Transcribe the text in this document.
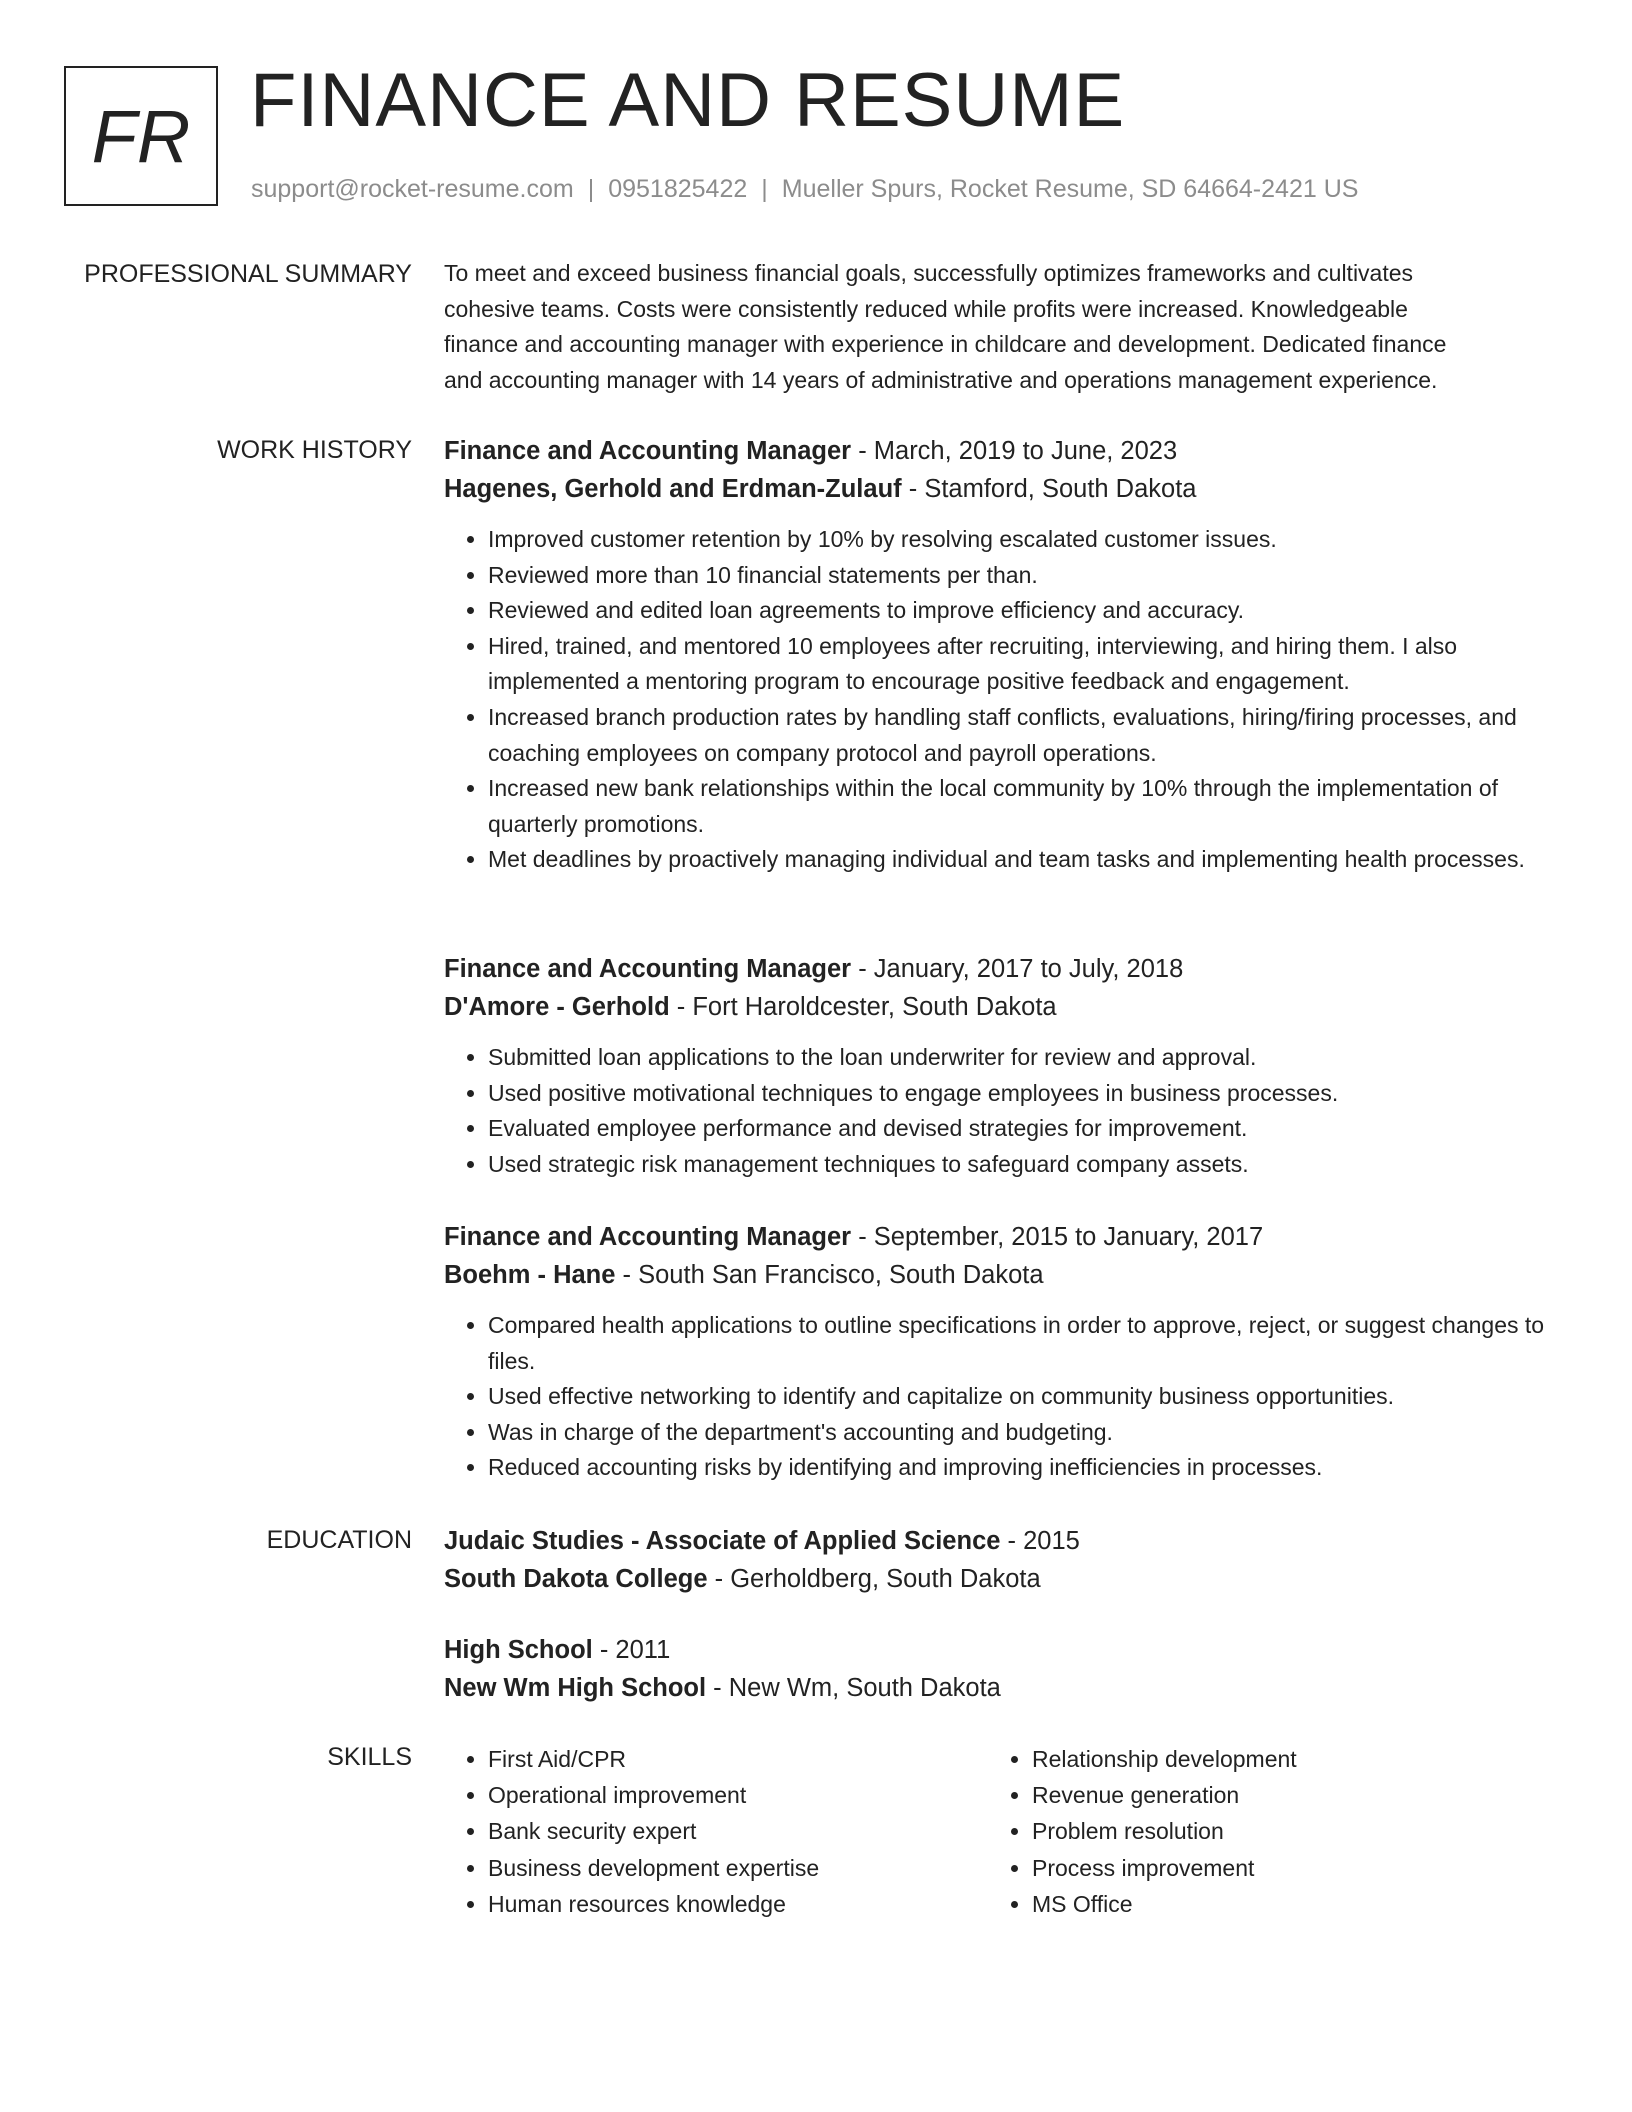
FR FINANCE AND RESUME
support@rocket-resume.com | 0951825422 | Mueller Spurs, Rocket Resume, SD 64664-2421 US
PROFESSIONAL SUMMARY To meet and exceed business financial goals, successfully optimizes frameworks and cultivates

cohesive teams. Costs were consistently reduced while profits were increased. Knowledgeable

finance and accounting manager with experience in childcare and development. Dedicated finance

and accounting manager with 14 years of administrative and operations management experience.

WORK HISTORY Finance and Accounting Manager - March, 2019 to June, 2023
Hagenes, Gerhold and Erdman-Zulauf - Stamford, South Dakota
• Improved customer retention by 10% by resolving escalated customer issues.
• Reviewed more than 10 financial statements per than.
• Reviewed and edited loan agreements to improve efficiency and accuracy.
• Hired, trained, and mentored 10 employees after recruiting, interviewing, and hiring them. I also implemented a mentoring program to encourage positive feedback and engagement.
• Increased branch production rates by handling staff conflicts, evaluations, hiring/firing processes, and coaching employees on company protocol and payroll operations.
• Increased new bank relationships within the local community by 10% through the implementation of quarterly promotions.
• Met deadlines by proactively managing individual and team tasks and implementing health processes.
Finance and Accounting Manager - January, 2017 to July, 2018
D'Amore - Gerhold - Fort Haroldcester, South Dakota
• Submitted loan applications to the loan underwriter for review and approval.
• Used positive motivational techniques to engage employees in business processes.
• Evaluated employee performance and devised strategies for improvement.
• Used strategic risk management techniques to safeguard company assets.
Finance and Accounting Manager - September, 2015 to January, 2017
Boehm - Hane - South San Francisco, South Dakota
• Compared health applications to outline specifications in order to approve, reject, or suggest changes to files.
• Used effective networking to identify and capitalize on community business opportunities.
• Was in charge of the department's accounting and budgeting.
• Reduced accounting risks by identifying and improving inefficiencies in processes.
EDUCATION Judaic Studies - Associate of Applied Science - 2015
South Dakota College - Gerholdberg, South Dakota
High School - 2011
New Wm High School - New Wm, South Dakota
SKILLS
•	First Aid/CPR
• Operational improvement
• Bank security expert
• Business development expertise
• Human resources knowledge
• Relationship development
• Revenue generation
• Problem resolution
• Process improvement
• MS Office
